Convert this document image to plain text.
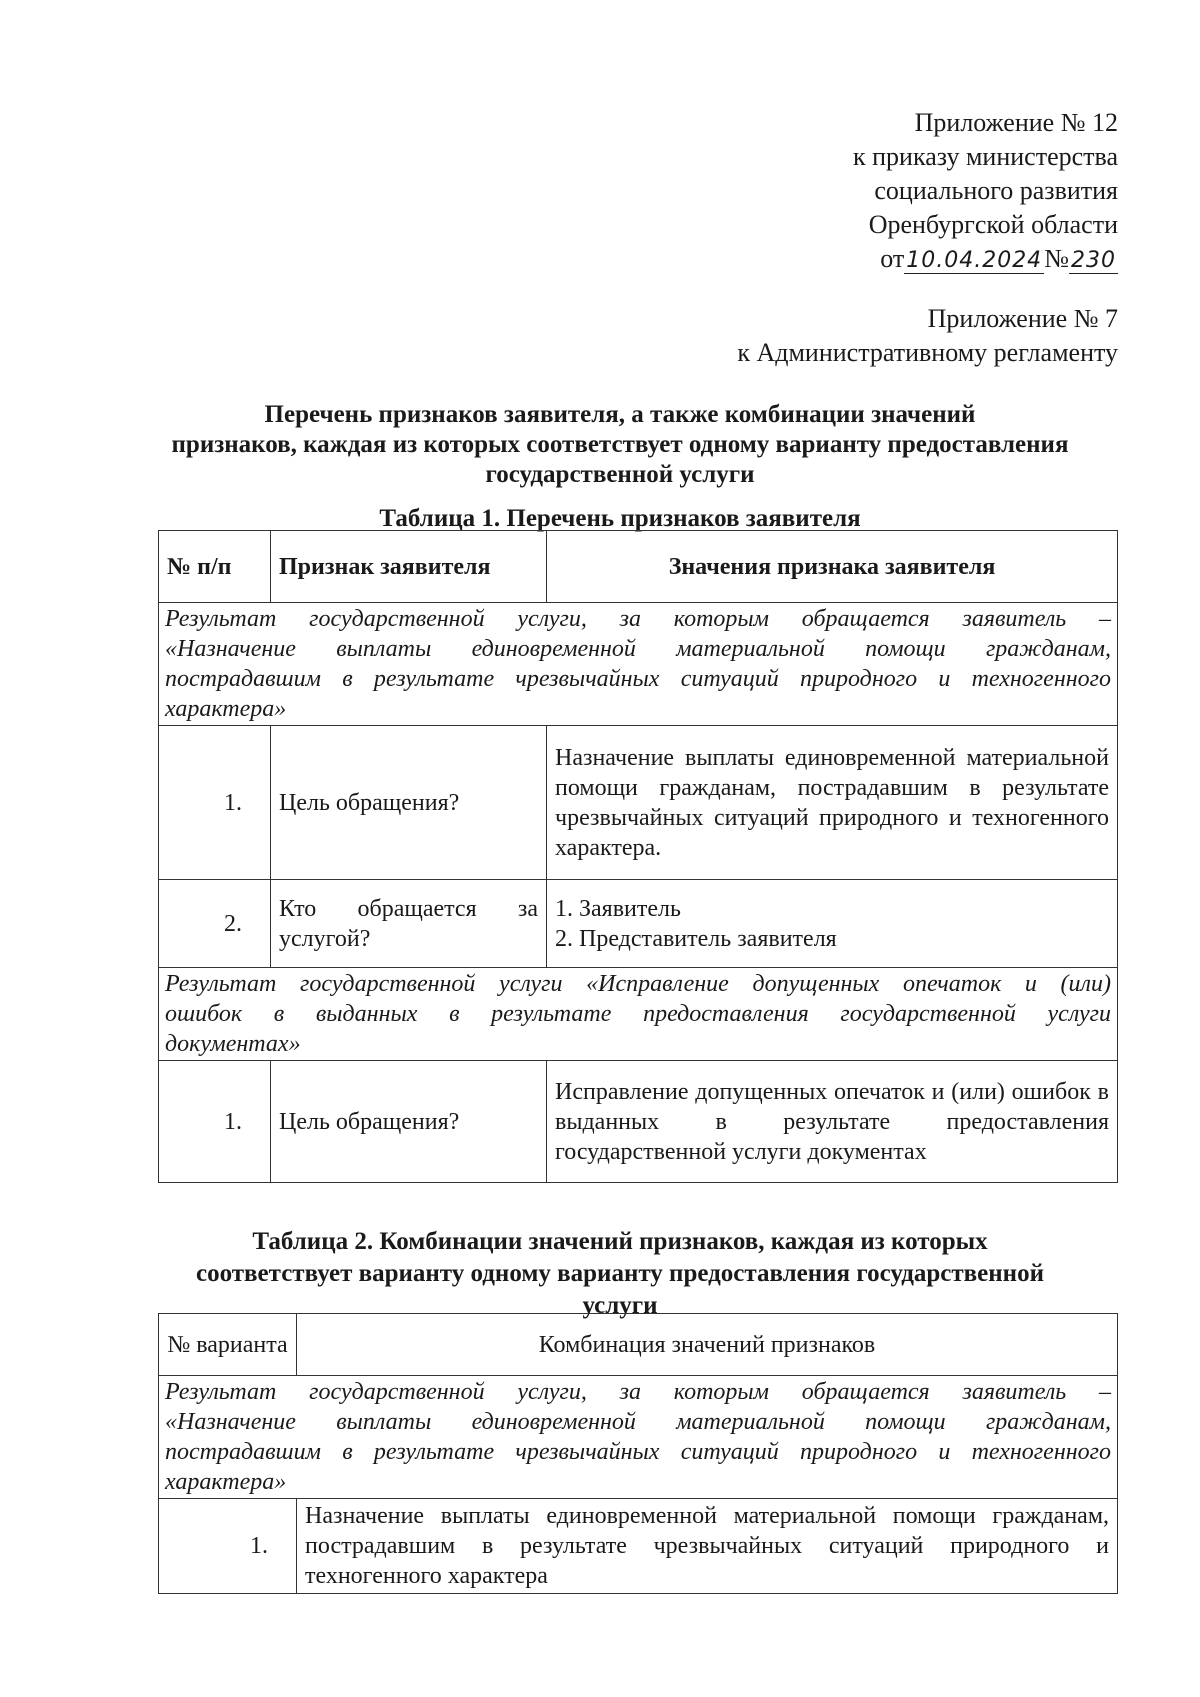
Приложение № 12
к приказу министерства
социального развития
Оренбургской области
от10.04.2024№230
Приложение № 7
к Административному регламенту
Перечень признаков заявителя, а также комбинации значений
признаков, каждая из которых соответствует одному варианту предоставления
государственной услуги
Таблица 1. Перечень признаков заявителя
№ п/п	Признак заявителя	Значения признака заявителя

Результат государственной услуги, за которым обращается заявитель –
«Назначение выплаты единовременной материальной помощи гражданам,
пострадавшим в результате чрезвычайных ситуаций природного и техногенного
характера»		

1.	Цель обращения?	Назначение выплаты единовременной материальной помощи гражданам, пострадавшим в результате чрезвычайных ситуаций природного и техногенного характера.
2.	Кто обращается за услугой?	1. Заявитель
2. Представитель заявителя

Результат государственной услуги «Исправление допущенных опечаток и (или)
ошибок в выданных в результате предоставления государственной услуги
документах»		

1.	Цель обращения?	Исправление допущенных опечаток и (или) ошибок в выданных в результате предоставления государственной услуги документах
Таблица 2. Комбинации значений признаков, каждая из которых
соответствует варианту одному варианту предоставления государственной
услуги
№ варианта	Комбинация значений признаков

Результат государственной услуги, за которым обращается заявитель –
«Назначение выплаты единовременной материальной помощи гражданам,
пострадавшим в результате чрезвычайных ситуаций природного и техногенного
характера»	

1.	Назначение выплаты единовременной материальной помощи гражданам, пострадавшим в результате чрезвычайных ситуаций природного и техногенного характера
